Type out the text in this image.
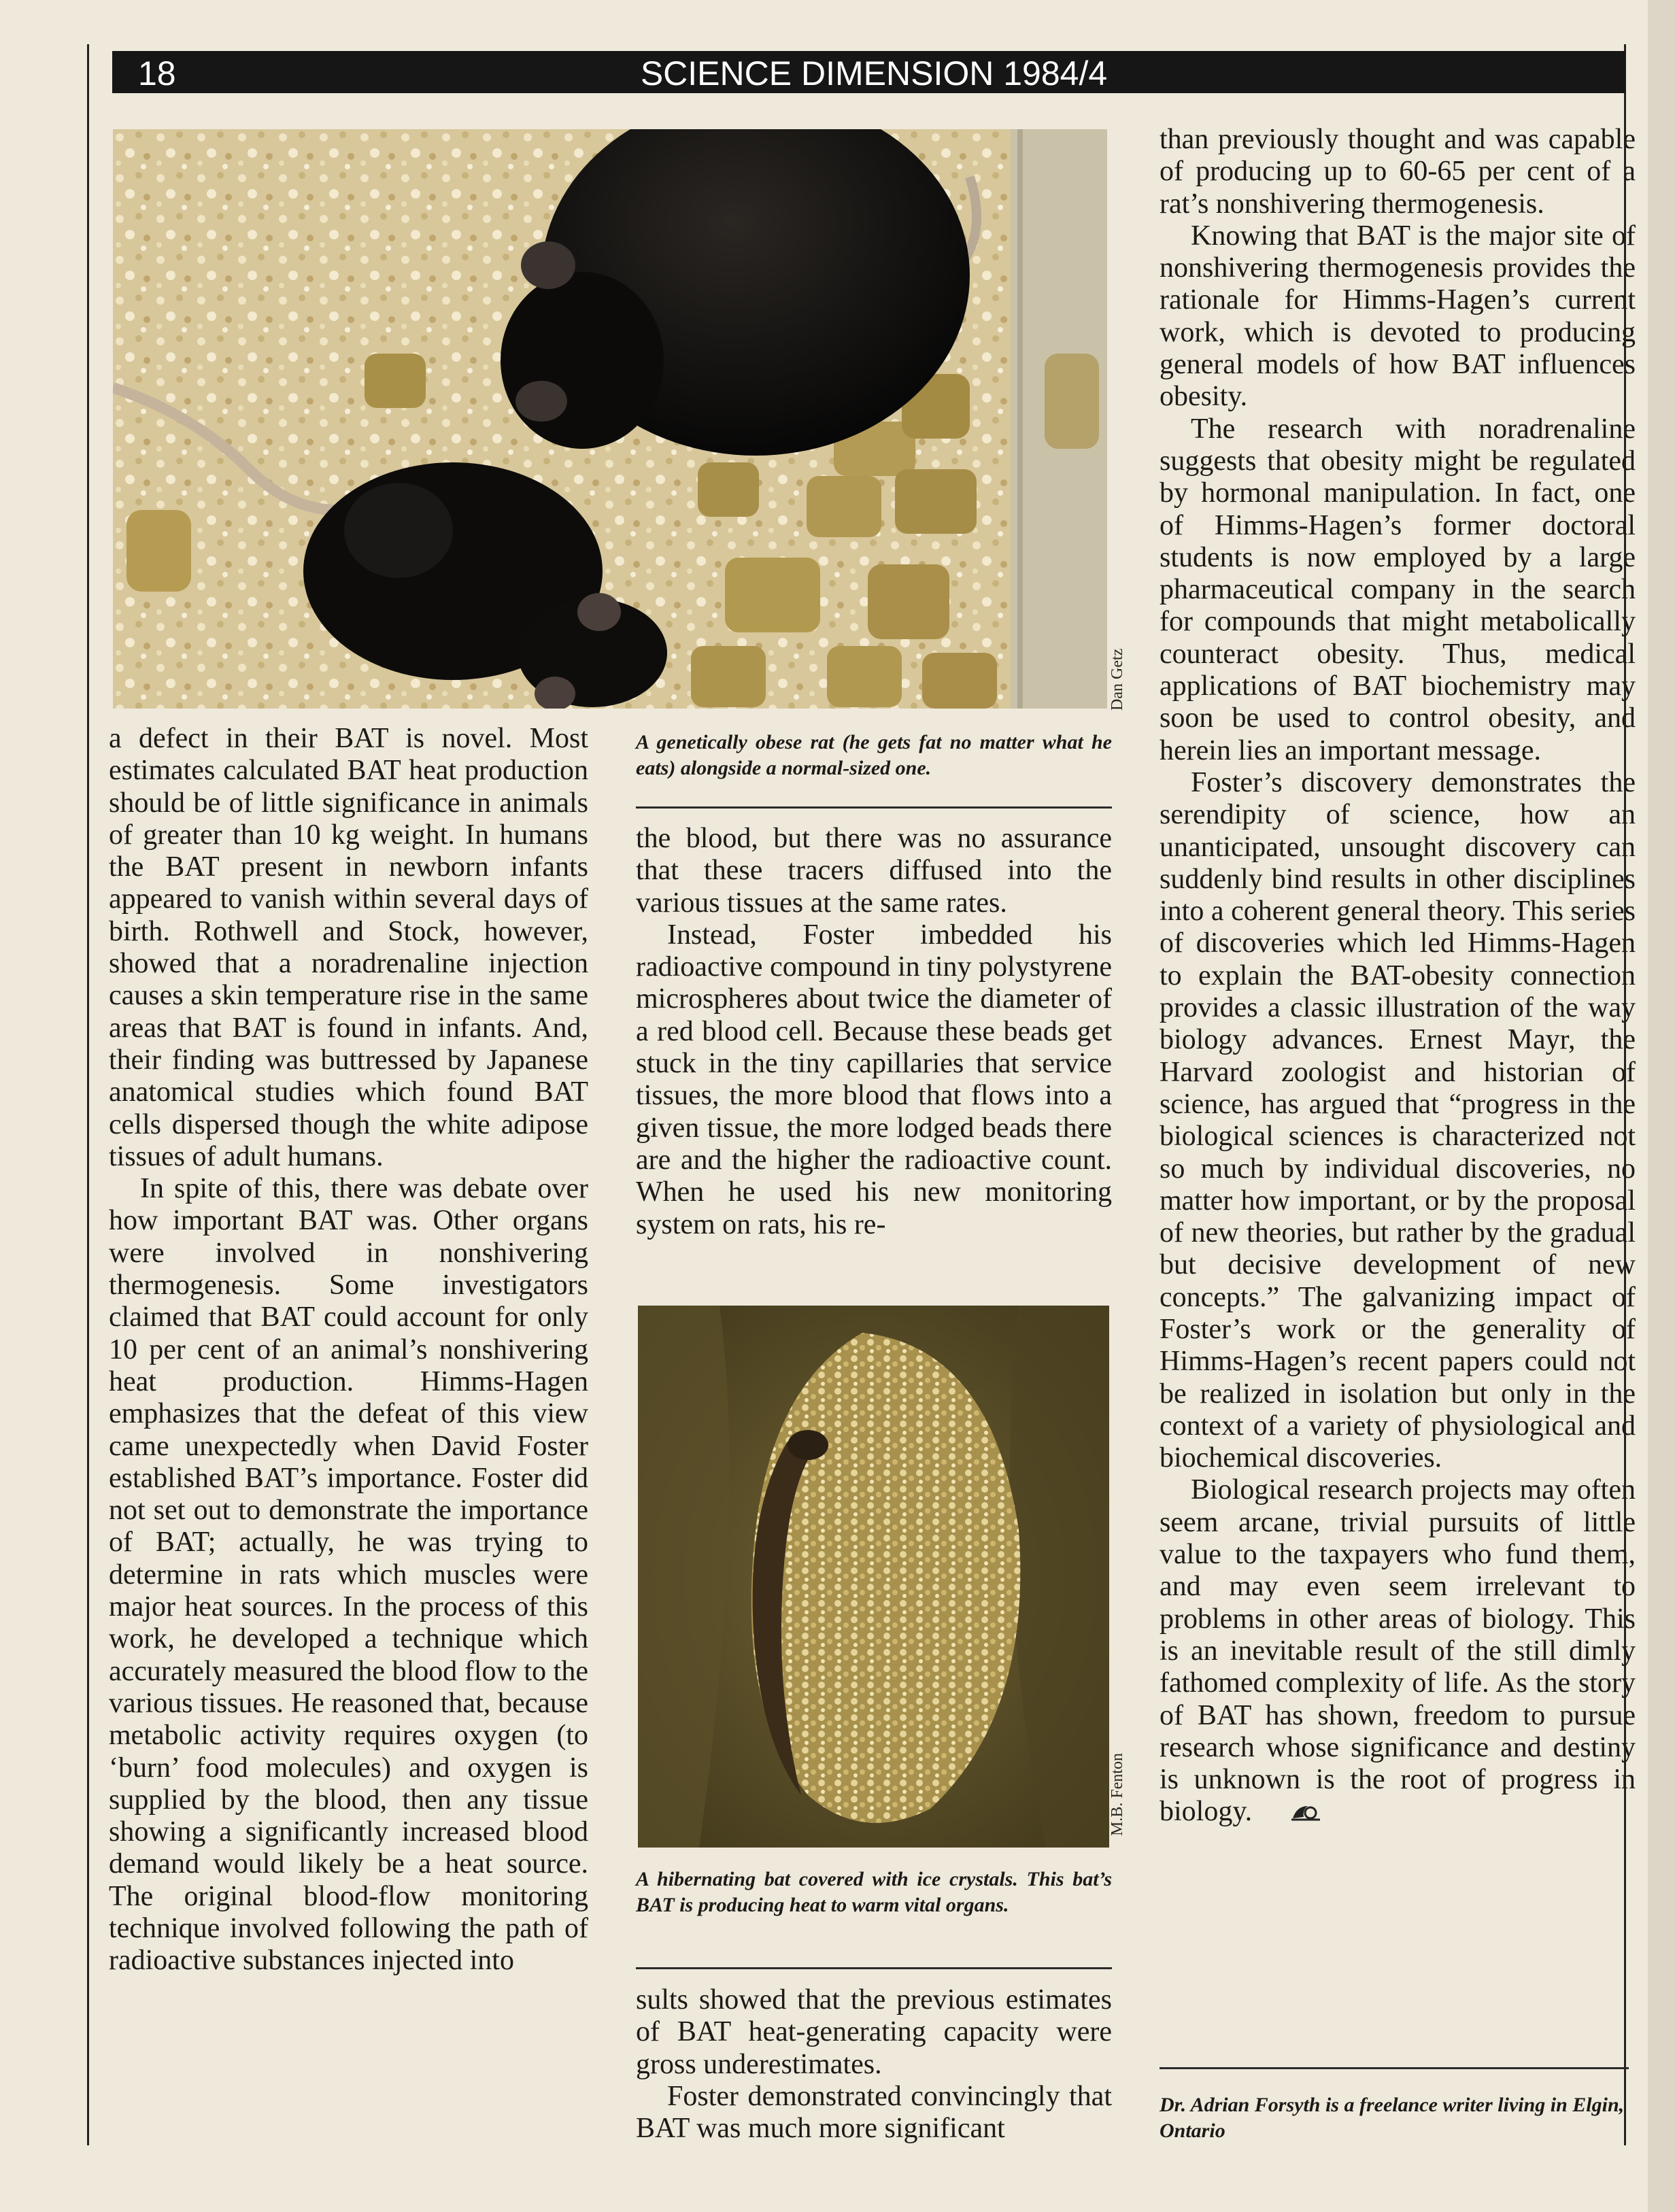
18	SCIENCE DIMENSION 1984/4
Dan Getz
A genetically obese rat (he gets fat no matter what he eats) alongside a normal-sized one.

a defect in their BAT is novel. Most estimates calculated BAT heat production should be of little significance in animals of greater than 10 kg weight. In humans the BAT present in newborn infants appeared to vanish within several days of birth. Rothwell and Stock, however, showed that a noradrenaline injection causes a skin temperature rise in the same areas that BAT is found in infants. And, their finding was buttressed by Japanese anatomical studies which found BAT cells dispersed though the white adipose tissues of adult humans.

In spite of this, there was debate over how important BAT was. Other organs were involved in nonshivering thermogenesis. Some investigators claimed that BAT could account for only 10 per cent of an animal’s nonshivering heat production. Himms-Hagen emphasizes that the defeat of this view came unexpectedly when David Foster established BAT’s importance. Foster did not set out to demonstrate the importance of BAT; actually, he was trying to determine in rats which muscles were major heat sources. In the process of this work, he developed a technique which accurately measured the blood flow to the various tissues. He reasoned that, because metabolic activity requires oxygen (to ‘burn’ food molecules) and oxygen is supplied by the blood, then any tissue showing a significantly increased blood demand would likely be a heat source. The original blood-flow monitoring technique involved following the path of radioactive substances injected into

the blood, but there was no assurance that these tracers diffused into the various tissues at the same rates.

Instead, Foster imbedded his radioactive compound in tiny polystyrene microspheres about twice the diameter of a red blood cell. Because these beads get stuck in the tiny capillaries that service tissues, the more blood that flows into a given tissue, the more lodged beads there are and the higher the radioactive count. When he used his new monitoring system on rats, his re-

M.B. Fenton
A hibernating bat covered with ice crystals. This bat’s BAT is producing heat to warm vital organs.

sults showed that the previous estimates of BAT heat-generating capacity were gross underestimates.

Foster demonstrated convincingly that BAT was much more significant

than previously thought and was capable of producing up to 60-65 per cent of a rat’s nonshivering thermogenesis.

Knowing that BAT is the major site of nonshivering thermogenesis provides the rationale for Himms-Hagen’s current work, which is devoted to producing general models of how BAT influences obesity.

The research with noradrenaline suggests that obesity might be regulated by hormonal manipulation. In fact, one of Himms-Hagen’s former doctoral students is now employed by a large pharmaceutical company in the search for compounds that might metabolically counteract obesity. Thus, medical applications of BAT biochemistry may soon be used to control obesity, and herein lies an important message.

Foster’s discovery demonstrates the serendipity of science, how an unanticipated, unsought discovery can suddenly bind results in other disciplines into a coherent general theory. This series of discoveries which led Himms-Hagen to explain the BAT-obesity connection provides a classic illustration of the way biology advances. Ernest Mayr, the Harvard zoologist and historian of science, has argued that “progress in the biological sciences is characterized not so much by individual discoveries, no matter how important, or by the proposal of new theories, but rather by the gradual but decisive development of new concepts.” The galvanizing impact of Foster’s work or the generality of Himms-Hagen’s recent papers could not be realized in isolation but only in the context of a variety of physiological and biochemical discoveries.

Biological research projects may often seem arcane, trivial pursuits of little value to the taxpayers who fund them, and may even seem irrelevant to problems in other areas of biology. This is an inevitable result of the still dimly fathomed complexity of life. As the story of BAT has shown, freedom to pursue research whose significance and destiny is unknown is the root of progress in biology.

Dr. Adrian Forsyth is a freelance writer living in Elgin, Ontario
